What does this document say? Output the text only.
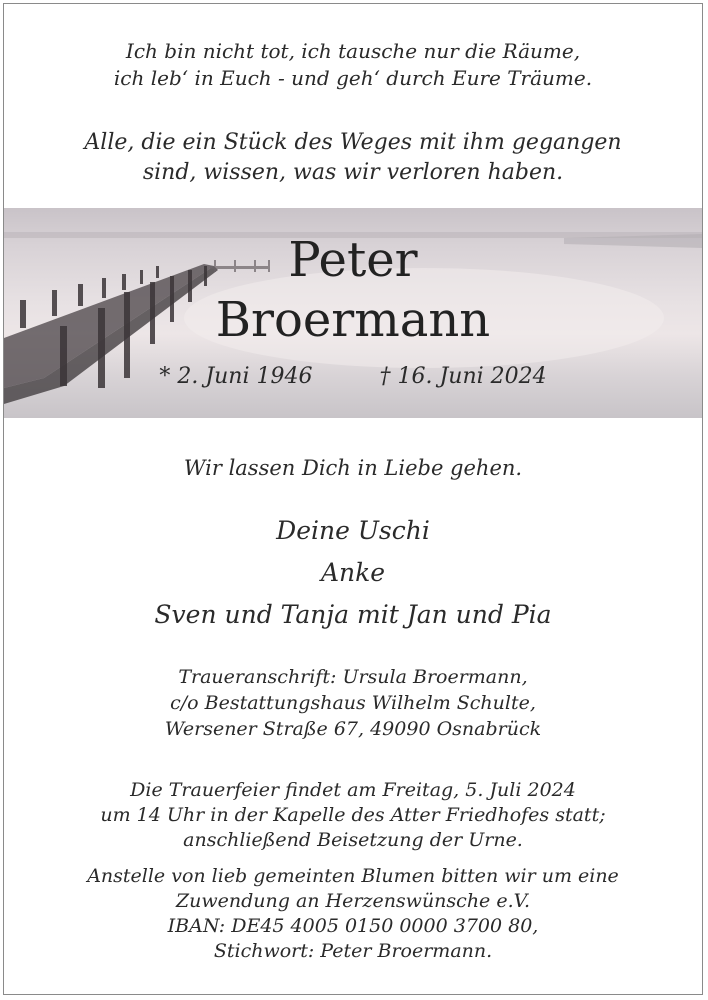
Ich bin nicht tot, ich tausche nur die Räume,
ich leb‘ in Euch - und geh‘ durch Eure Träume.
Alle, die ein Stück des Weges mit ihm gegangen
sind, wissen, was wir verloren haben.
Peter
Broermann
* 2. Juni 1946	† 16. Juni 2024
Wir lassen Dich in Liebe gehen.
Deine Uschi
Anke
Sven und Tanja mit Jan und Pia
Traueranschrift: Ursula Broermann,
c/o Bestattungshaus Wilhelm Schulte,
Wersener Straße 67, 49090 Osnabrück
Die Trauerfeier findet am Freitag, 5. Juli 2024
um 14 Uhr in der Kapelle des Atter Friedhofes statt;
anschließend Beisetzung der Urne.
Anstelle von lieb gemeinten Blumen bitten wir um eine
Zuwendung an Herzenswünsche e.V.
IBAN: DE45 4005 0150 0000 3700 80,
Stichwort: Peter Broermann.
